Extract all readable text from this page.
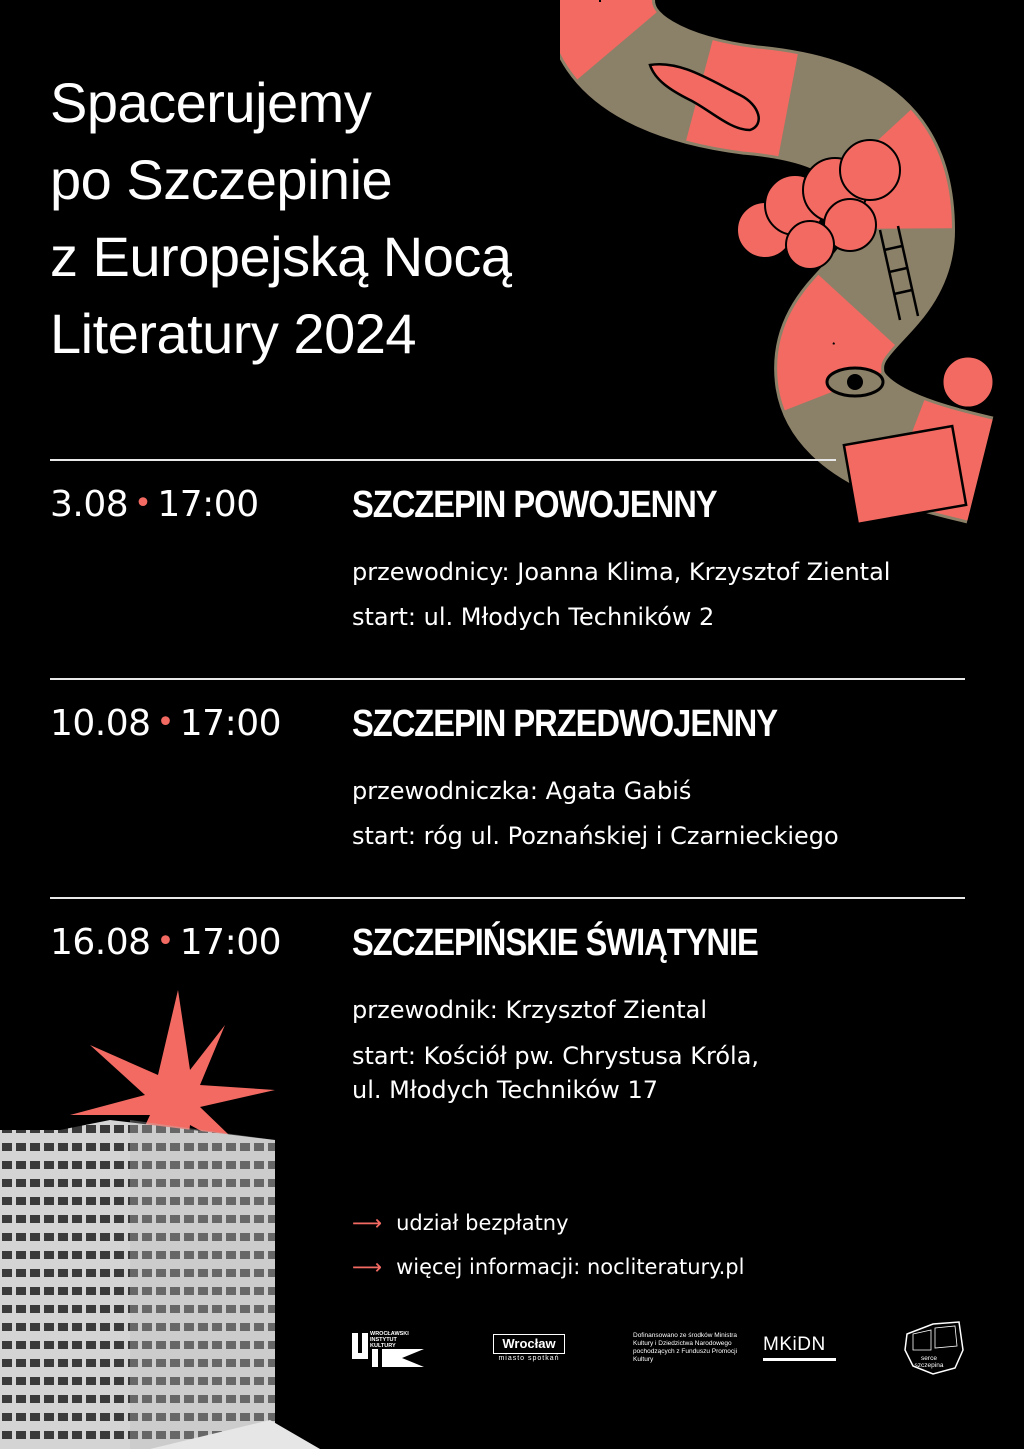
Spacerujemy
po Szczepinie
z Europejską Nocą
Literatury 2024
3.08 • 17:00 SZCZEPIN POWOJENNY
przewodnicy: Joanna Klima, Krzysztof Ziental
start: ul. Młodych Techników 2
10.08 • 17:00 SZCZEPIN PRZEDWOJENNY
przewodniczka: Agata Gabiś
start: róg ul. Poznańskiej i Czarnieckiego
16.08 • 17:00 SZCZEPIŃSKIE ŚWIĄTYNIE
przewodnik: Krzysztof Ziental
start: Kościół pw. Chrystusa Króla,
ul. Młodych Techników 17
⟶ udział bezpłatny
⟶ więcej informacji: nocliteratury.pl
WROCŁAWSKI INSTYTUT KULTURY	Wrocław
miasto spotkań
Dofinansowano ze środków Ministra Kultury i Dziedzictwa Narodowego pochodzących z Funduszu Promocji Kultury
MKiDN
serce szczepina
